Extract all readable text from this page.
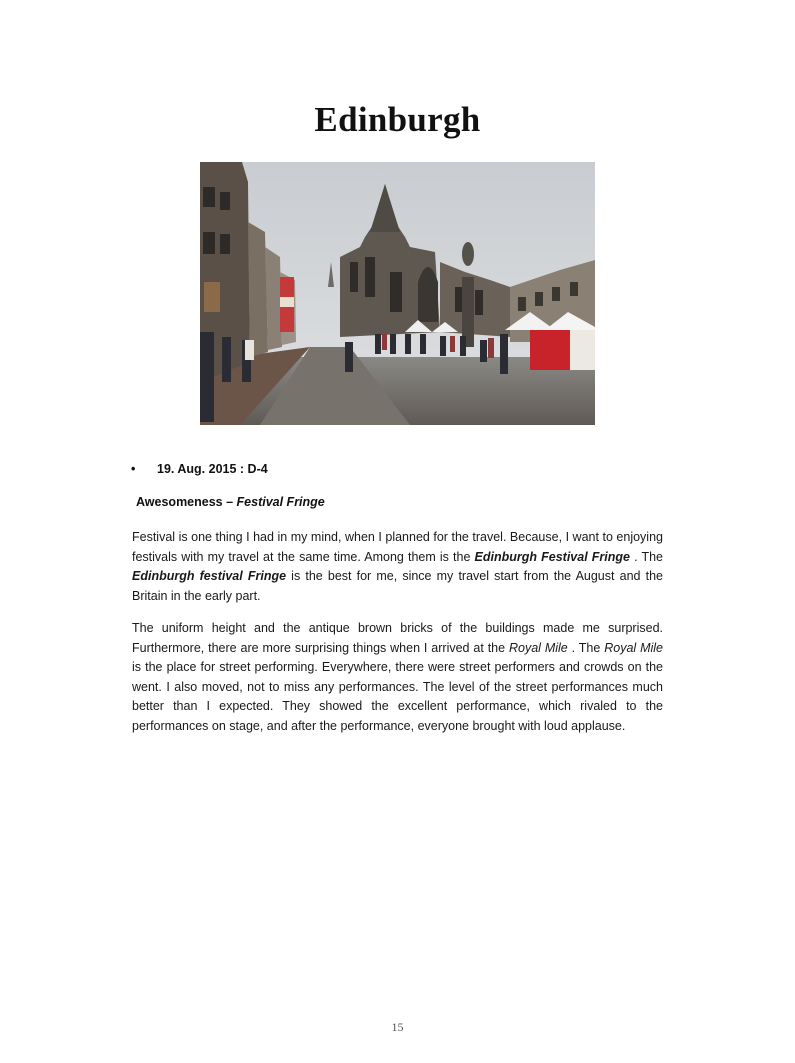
Edinburgh
• 19. Aug. 2015 : D-4
Awesomeness – Festival Fringe
Festival is one thing I had in my mind, when I planned for the travel. Because, I want to enjoying festivals with my travel at the same time. Among them is the Edinburgh Festival Fringe . The Edinburgh festival Fringe is the best for me, since my travel start from the August and the Britain in the early part.
The uniform height and the antique brown bricks of the buildings made me surprised. Furthermore, there are more surprising things when I arrived at the Royal Mile . The Royal Mile is the place for street performing. Everywhere, there were street performers and crowds on the went. I also moved, not to miss any performances. The level of the street performances much better than I expected. They showed the excellent performance, which rivaled to the performances on stage, and after the performance, everyone brought with loud applause.
15
